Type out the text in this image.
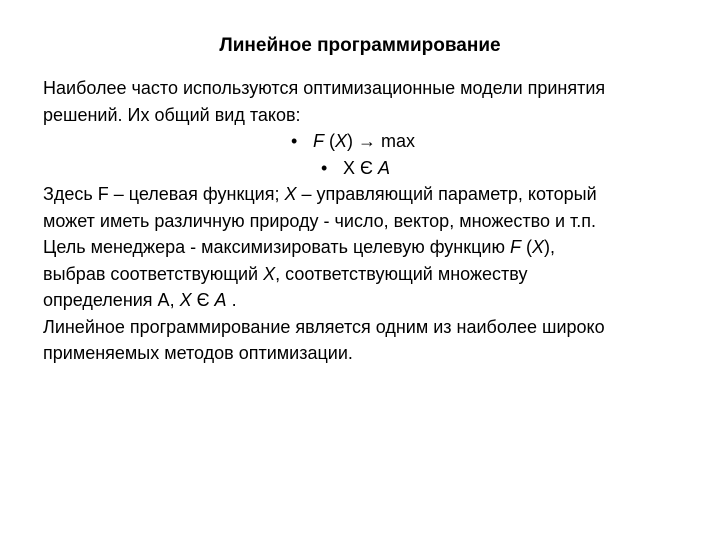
Линейное программирование
Наиболее часто используются оптимизационные модели принятия
решений. Их общий вид таков:
• F (X) → max
• X Є A
Здесь F – целевая функция; X – управляющий параметр, который
может иметь различную природу - число, вектор, множество и т.п.
Цель менеджера - максимизировать целевую функцию F (X),
выбрав соответствующий X, соответствующий множеству
определения А, X Є A .
Линейное программирование является одним из наиболее широко
применяемых методов оптимизации.
